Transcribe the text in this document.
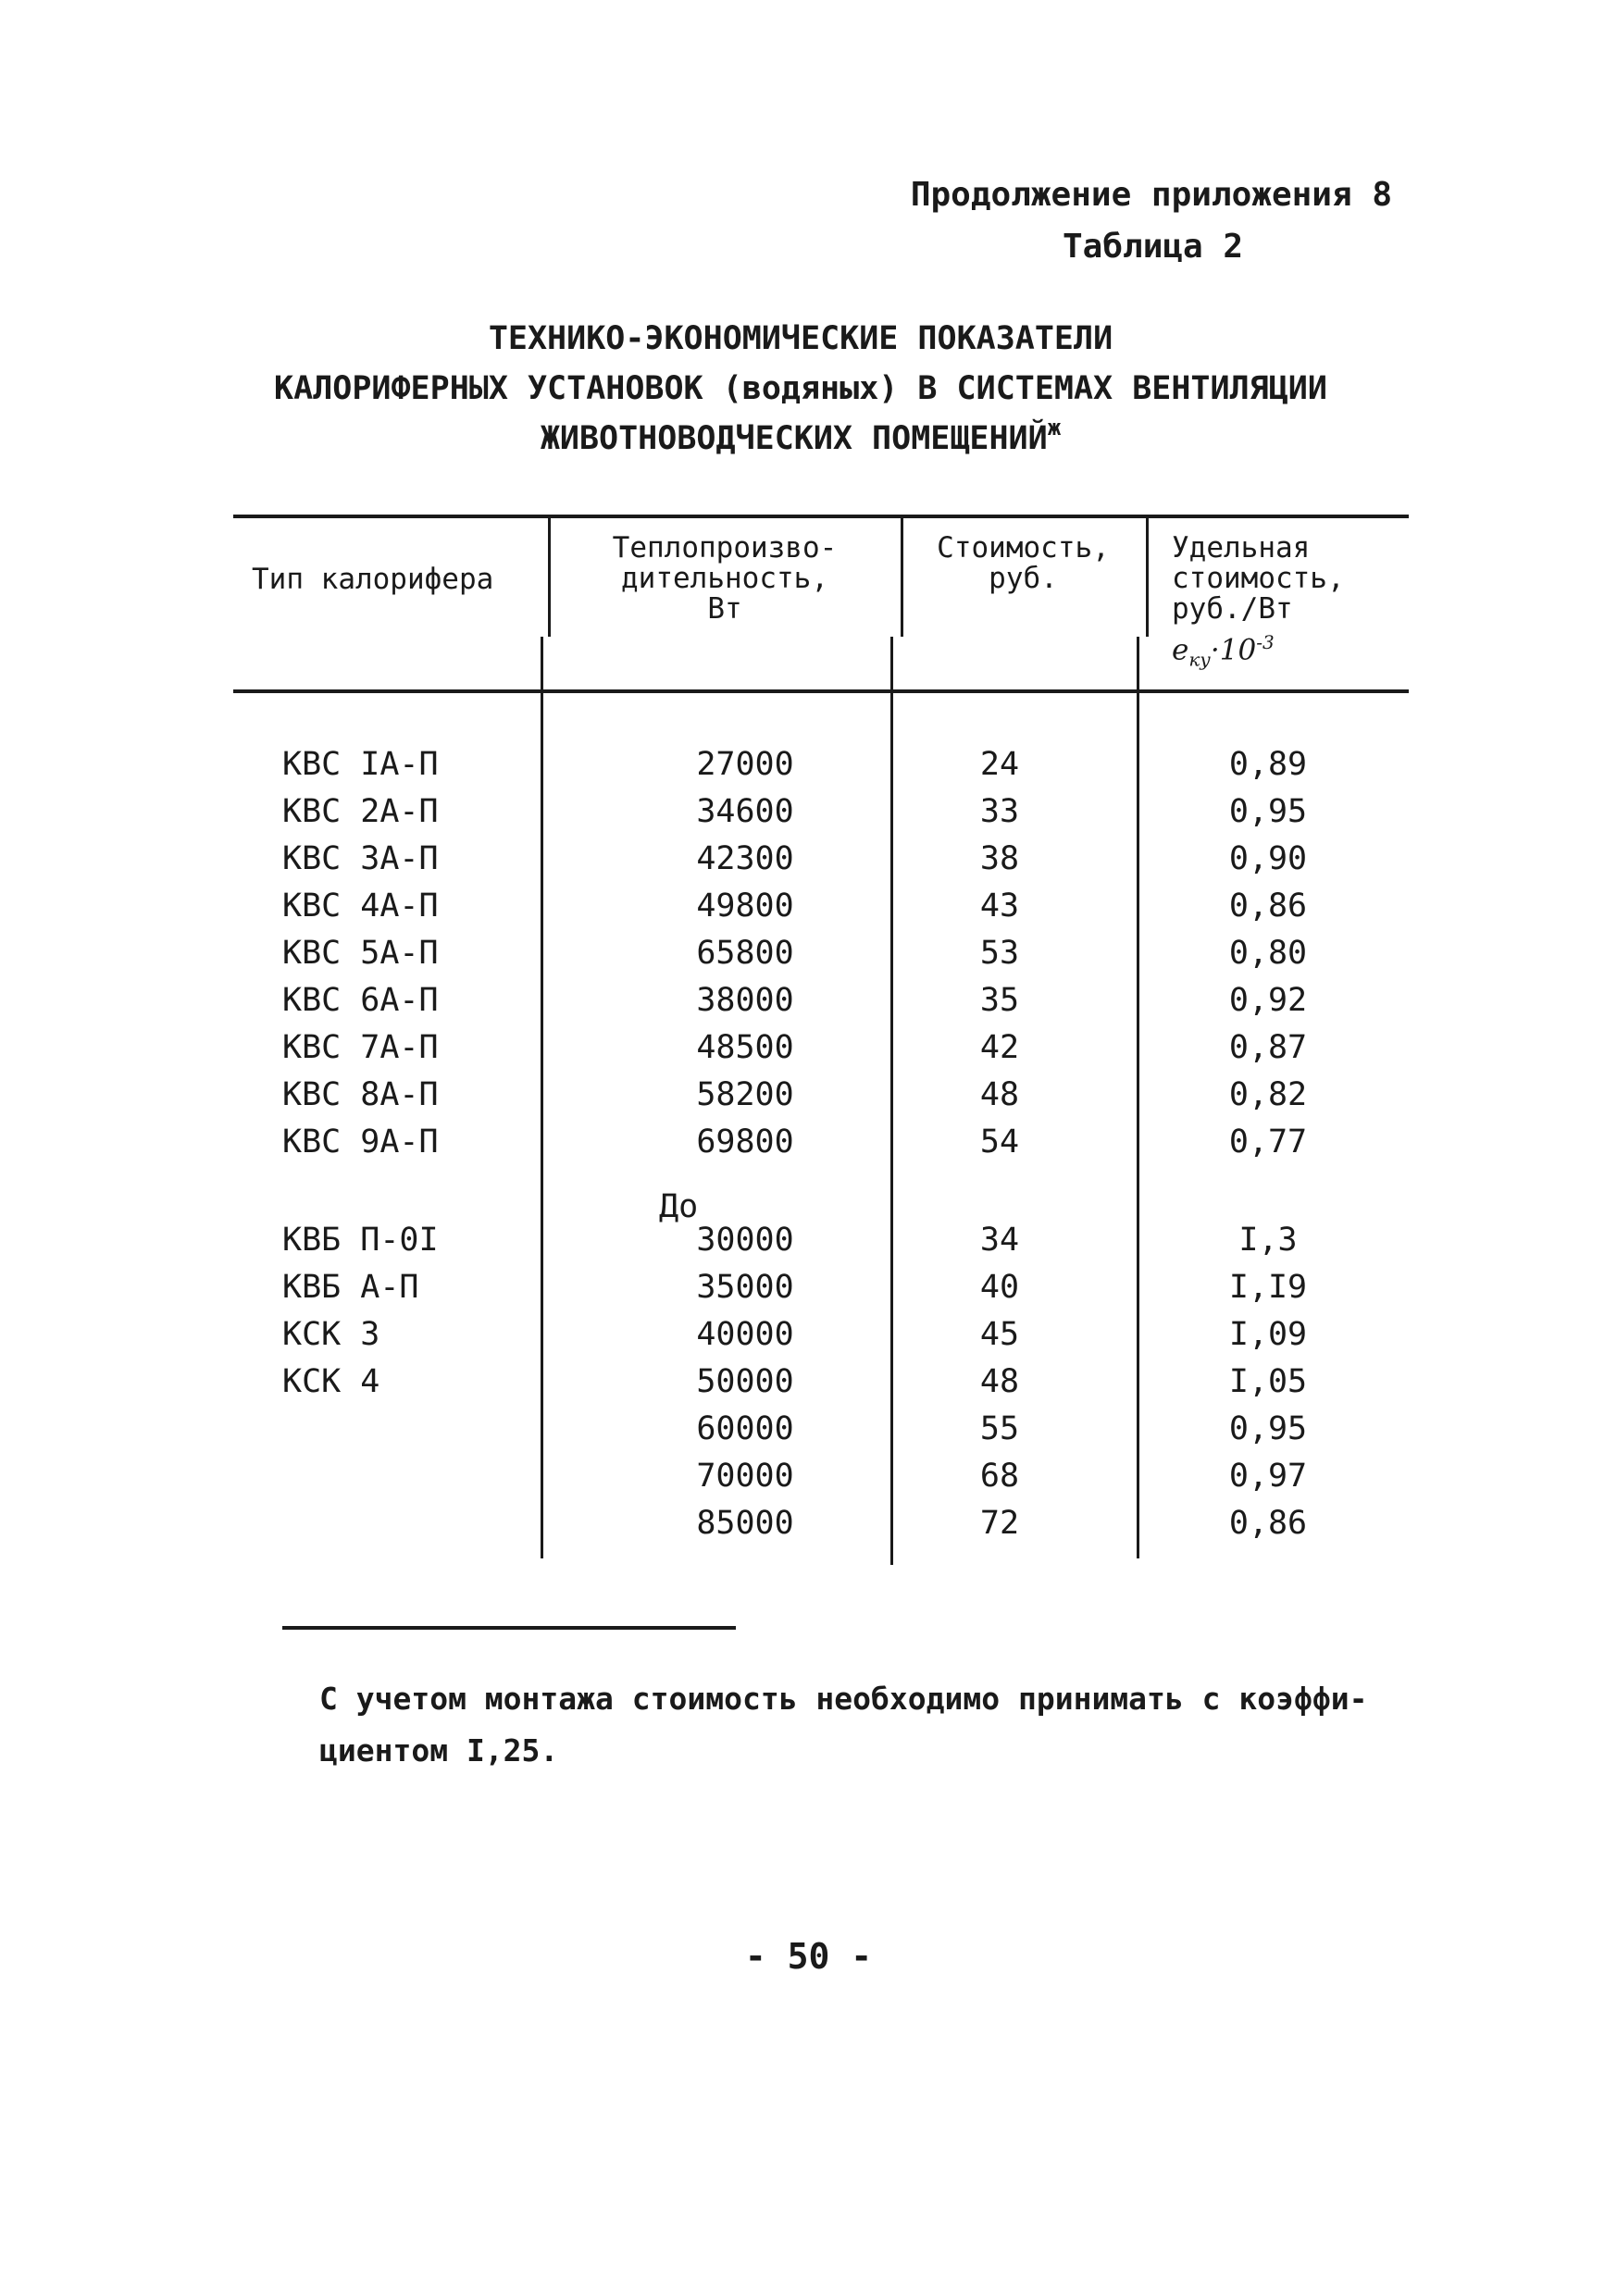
Продолжение приложения 8
Таблица 2
ТЕХНИКО-ЭКОНОМИЧЕСКИЕ ПОКАЗАТЕЛИ
КАЛОРИФЕРНЫХ УСТАНОВОК (водяных) В СИСТЕМАХ ВЕНТИЛЯЦИИ
ЖИВОТНОВОДЧЕСКИХ $ПОМЕЩЕНИЙ^ж$
Тип калорифера
Теплопроизво-
дительность,
Вт
Стоимость,
руб.
Удельная
стоимость,
руб./Вт
$e_{ку}\cdot 10^{-3}$
КВС IА-П
КВС 2А-П
КВС 3А-П
КВС 4А-П
КВС 5А-П
КВС 6А-П
КВС 7А-П
КВС 8А-П
КВС 9А-П
КВБ П-0I
КВБ А-П
КСК 3
КСК 4
До
27000
34600
42300
49800
65800
38000
48500
58200
69800
30000
35000
40000
50000
60000
70000
85000
24
33
38
43
53
35
42
48
54
34
40
45
48
55
68
72
0,89
0,95
0,90
0,86
0,80
0,92
0,87
0,82
0,77
I,3
I,I9
I,09
I,05
0,95
0,97
0,86
С учетом монтажа стоимость необходимо принимать с коэффи-
циентом I,25.
- 50 -
